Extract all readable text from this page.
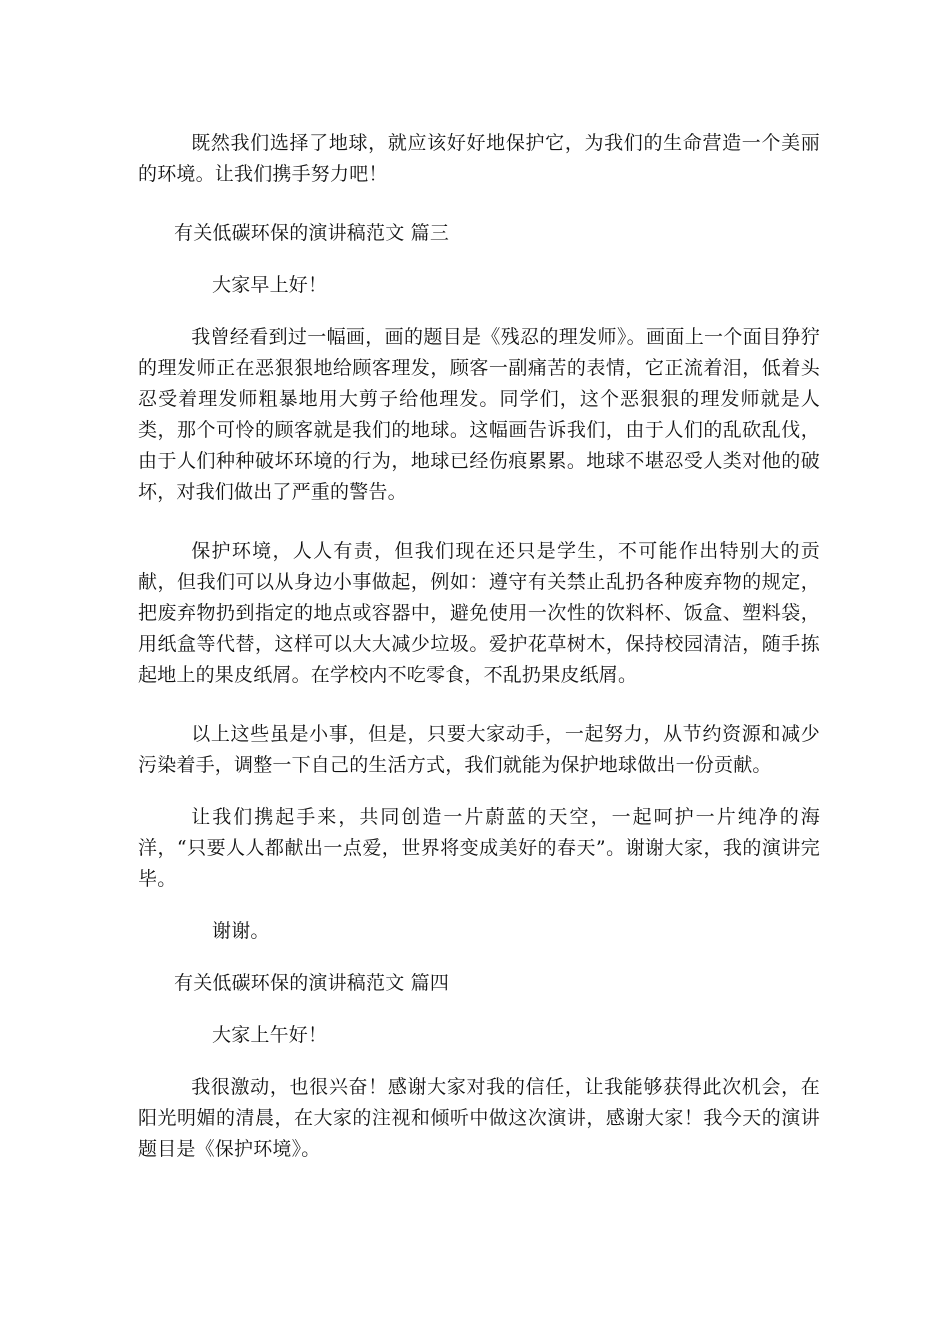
既然我们选择了地球，就应该好好地保护它，为我们的生命营造一个美丽的环境。让我们携手努力吧！

有关低碳环保的演讲稿范文 篇三

大家早上好！

我曾经看到过一幅画，画的题目是《残忍的理发师》。画面上一个面目狰狞的理发师正在恶狠狠地给顾客理发，顾客一副痛苦的表情，它正流着泪，低着头忍受着理发师粗暴地用大剪子给他理发。同学们，这个恶狠狠的理发师就是人类，那个可怜的顾客就是我们的地球。这幅画告诉我们，由于人们的乱砍乱伐，由于人们种种破坏环境的行为，地球已经伤痕累累。地球不堪忍受人类对他的破坏，对我们做出了严重的警告。

保护环境，人人有责，但我们现在还只是学生，不可能作出特别大的贡献，但我们可以从身边小事做起，例如：遵守有关禁止乱扔各种废弃物的规定，把废弃物扔到指定的地点或容器中，避免使用一次性的饮料杯、饭盒、塑料袋，用纸盒等代替，这样可以大大减少垃圾。爱护花草树木，保持校园清洁，随手拣起地上的果皮纸屑。在学校内不吃零食，不乱扔果皮纸屑。

以上这些虽是小事，但是，只要大家动手，一起努力，从节约资源和减少污染着手，调整一下自己的生活方式，我们就能为保护地球做出一份贡献。

让我们携起手来，共同创造一片蔚蓝的天空，一起呵护一片纯净的海洋，“只要人人都献出一点爱，世界将变成美好的春天”。谢谢大家，我的演讲完毕。

谢谢。

有关低碳环保的演讲稿范文 篇四

大家上午好！

我很激动，也很兴奋！感谢大家对我的信任，让我能够获得此次机会，在阳光明媚的清晨，在大家的注视和倾听中做这次演讲，感谢大家！我今天的演讲题目是《保护环境》。
